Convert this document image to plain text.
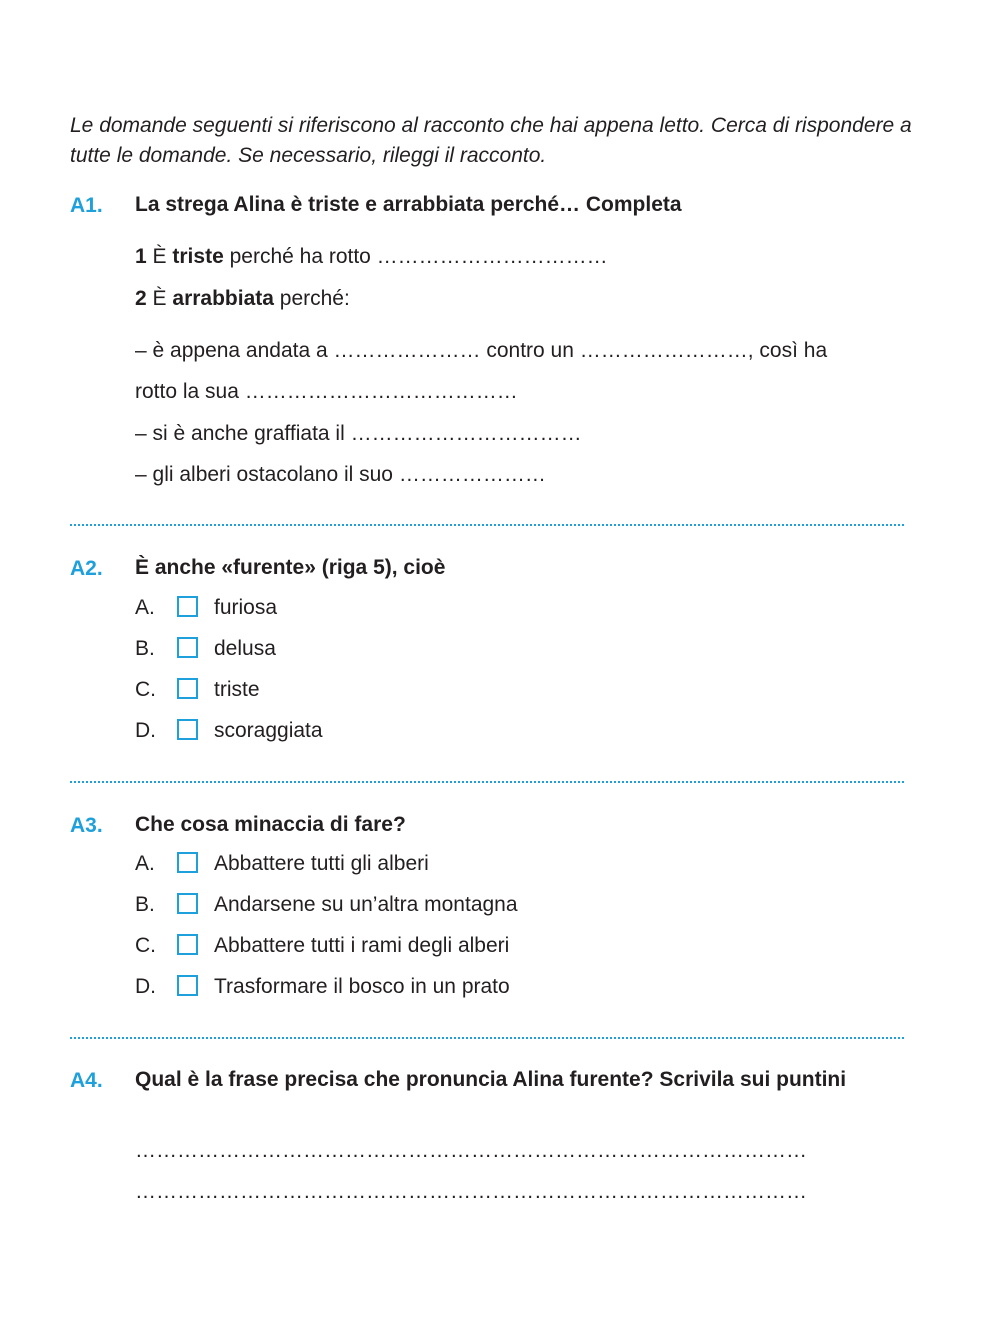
Le domande seguenti si riferiscono al racconto che hai appena letto. Cerca di rispondere a tutte le domande. Se necessario, rileggi il racconto.
A1. La strega Alina è triste e arrabbiata perché… Completa
1 È triste perché ha rotto ……………………………
2 È arrabbiata perché:
– è appena andata a ………………… contro un ……………………, così ha
rotto la sua …………………………………
– si è anche graffiata il ……………………………
– gli alberi ostacolano il suo …………………
A2. È anche «furente» (riga 5), cioè
A.	furiosa
B.	delusa
C.	triste
D.	scoraggiata
A3. Che cosa minaccia di fare?
A.	Abbattere tutti gli alberi
B.	Andarsene su un’altra montagna
C.	Abbattere tutti i rami degli alberi
D.	Trasformare il bosco in un prato
A4. Qual è la frase precisa che pronuncia Alina furente? Scrivila sui puntini
……………………………………………………………………………………
……………………………………………………………………………………
